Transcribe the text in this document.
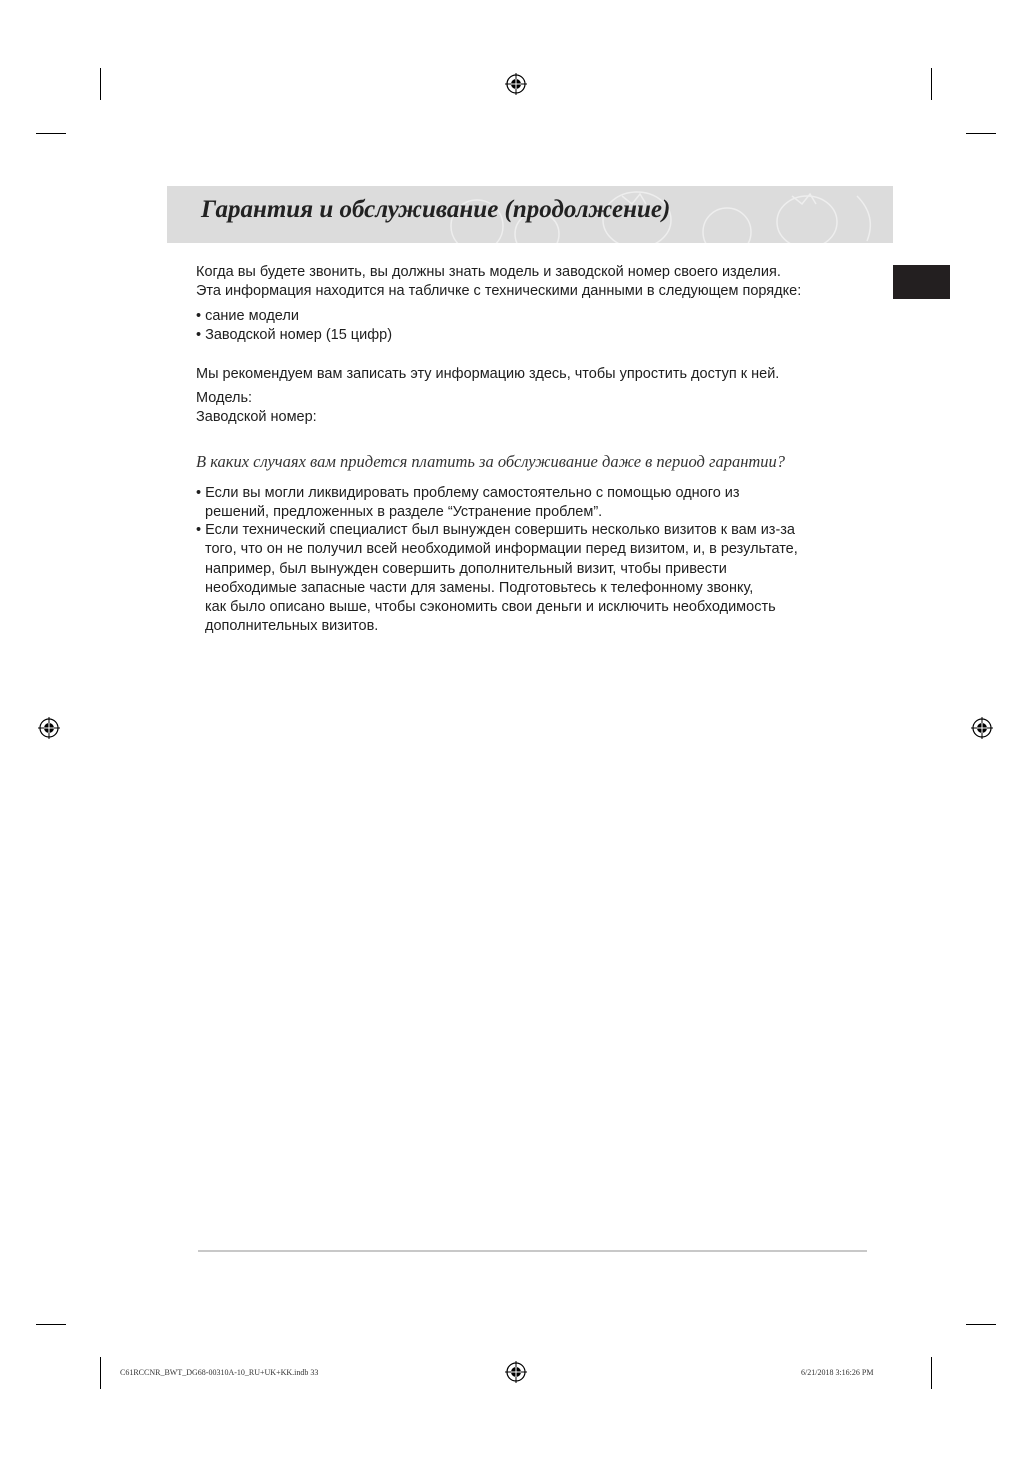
Гарантия и обслуживание (продолжение)
Когда вы будете звонить, вы должны знать модель и заводской номер своего изделия.
Эта информация находится на табличке с техническими данными в следующем порядке:
• сание модели
• Заводской номер (15 цифр)
Мы рекомендуем вам записать эту информацию здесь, чтобы упростить доступ к ней.
Модель:
Заводской номер:
В каких случаях вам придется платить за обслуживание даже в период гарантии?
• Если вы могли ликвидировать проблему самостоятельно с помощью одного из
решений, предложенных в разделе “Устранение проблем”.
• Если технический специалист был вынужден совершить несколько визитов к вам из-за
того, что он не получил всей необходимой информации перед визитом, и, в результате,
например, был вынужден совершить дополнительный визит, чтобы привести
необходимые запасные части для замены. Подготовьтесь к телефонному звонку,
как было описано выше, чтобы сэкономить свои деньги и исключить необходимость
дополнительных визитов.
C61RCCNR_BWT_DG68-00310A-10_RU+UK+KK.indb 33	6/21/2018 3:16:26 PM
